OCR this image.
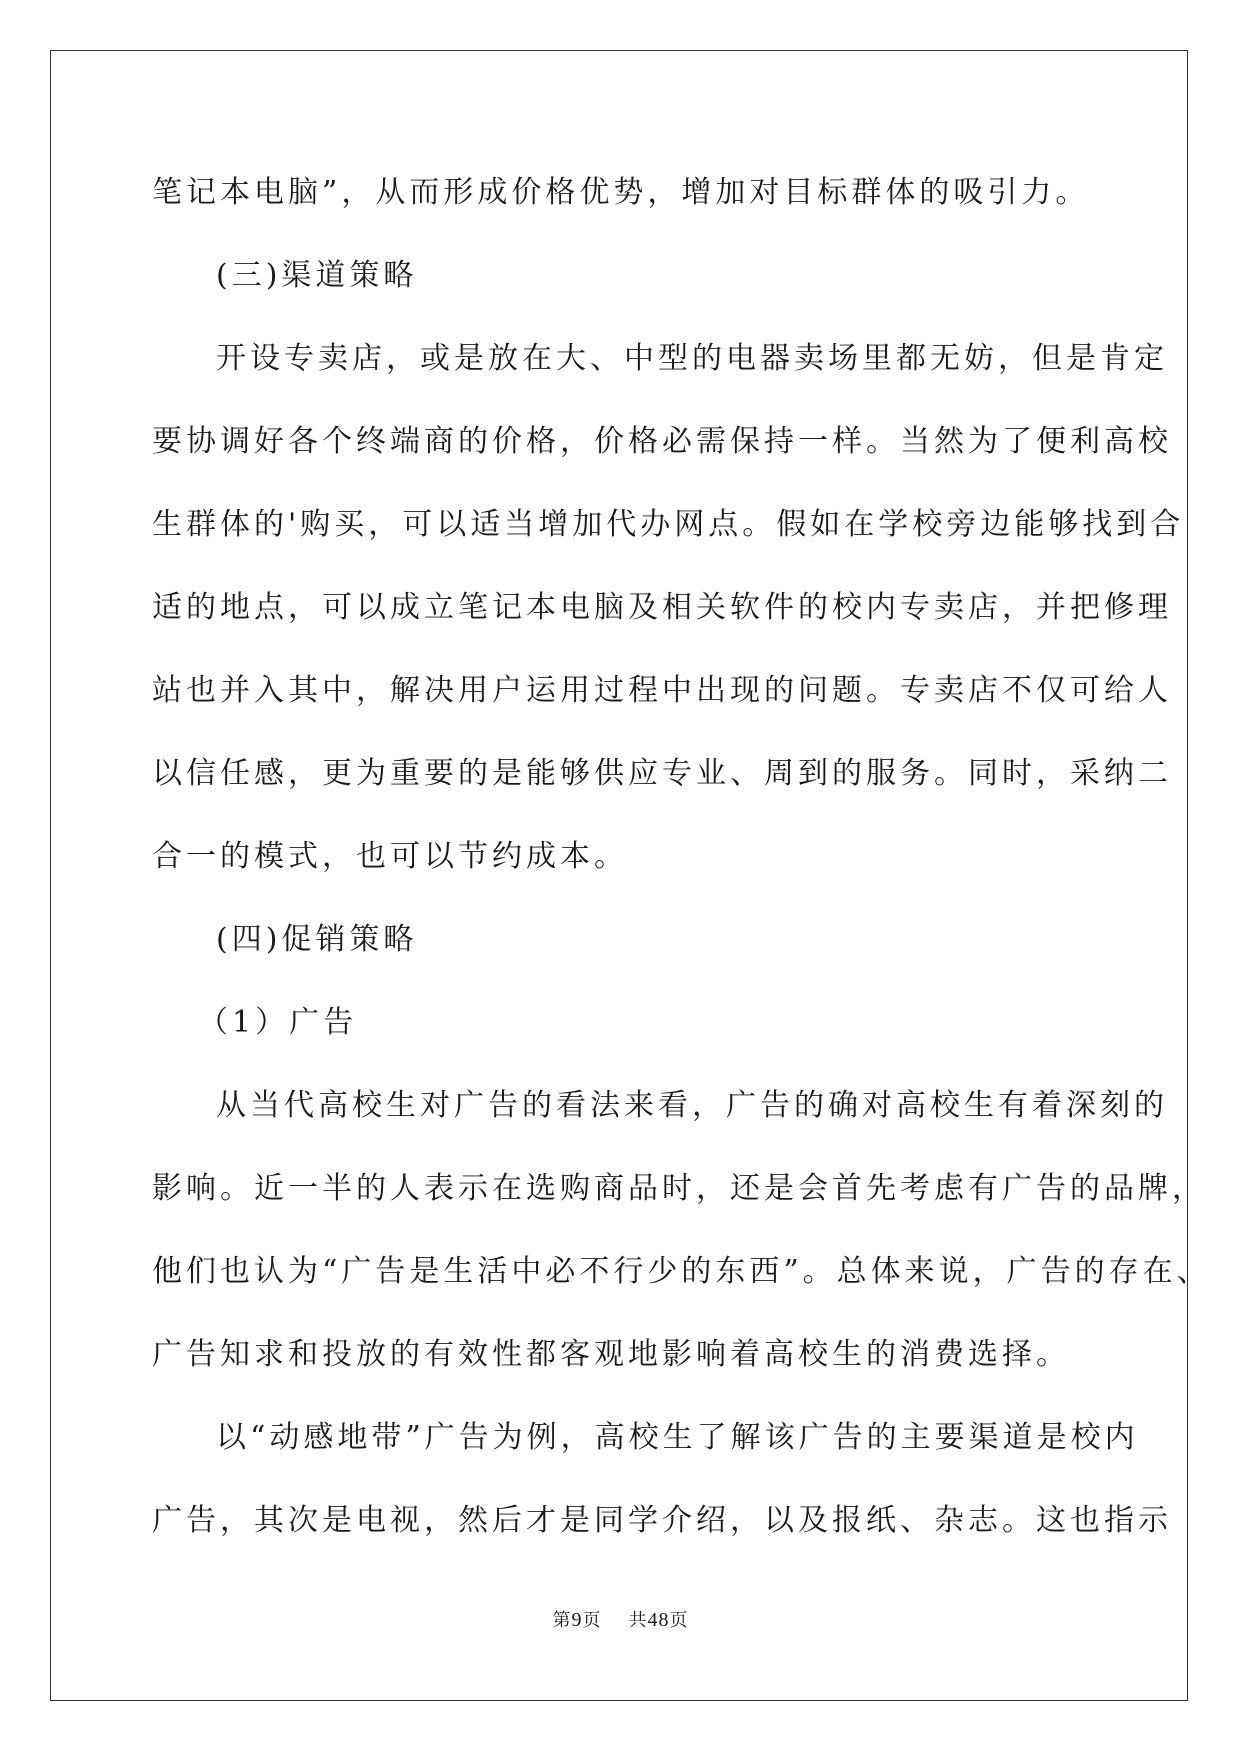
笔记本电脑”，从而形成价格优势，增加对目标群体的吸引力。
(三)渠道策略
开设专卖店，或是放在大、中型的电器卖场里都无妨，但是肯定
要协调好各个终端商的价格，价格必需保持一样。当然为了便利高校
生群体的'购买，可以适当增加代办网点。假如在学校旁边能够找到合
适的地点，可以成立笔记本电脑及相关软件的校内专卖店，并把修理
站也并入其中，解决用户运用过程中出现的问题。专卖店不仅可给人
以信任感，更为重要的是能够供应专业、周到的服务。同时，采纳二
合一的模式，也可以节约成本。
(四)促销策略
（1）广告
从当代高校生对广告的看法来看，广告的确对高校生有着深刻的
影响。近一半的人表示在选购商品时，还是会首先考虑有广告的品牌，
他们也认为“广告是生活中必不行少的东西”。总体来说，广告的存在、
广告知求和投放的有效性都客观地影响着高校生的消费选择。
以“动感地带”广告为例，高校生了解该广告的主要渠道是校内
广告，其次是电视，然后才是同学介绍，以及报纸、杂志。这也指示
第9页 共48页
